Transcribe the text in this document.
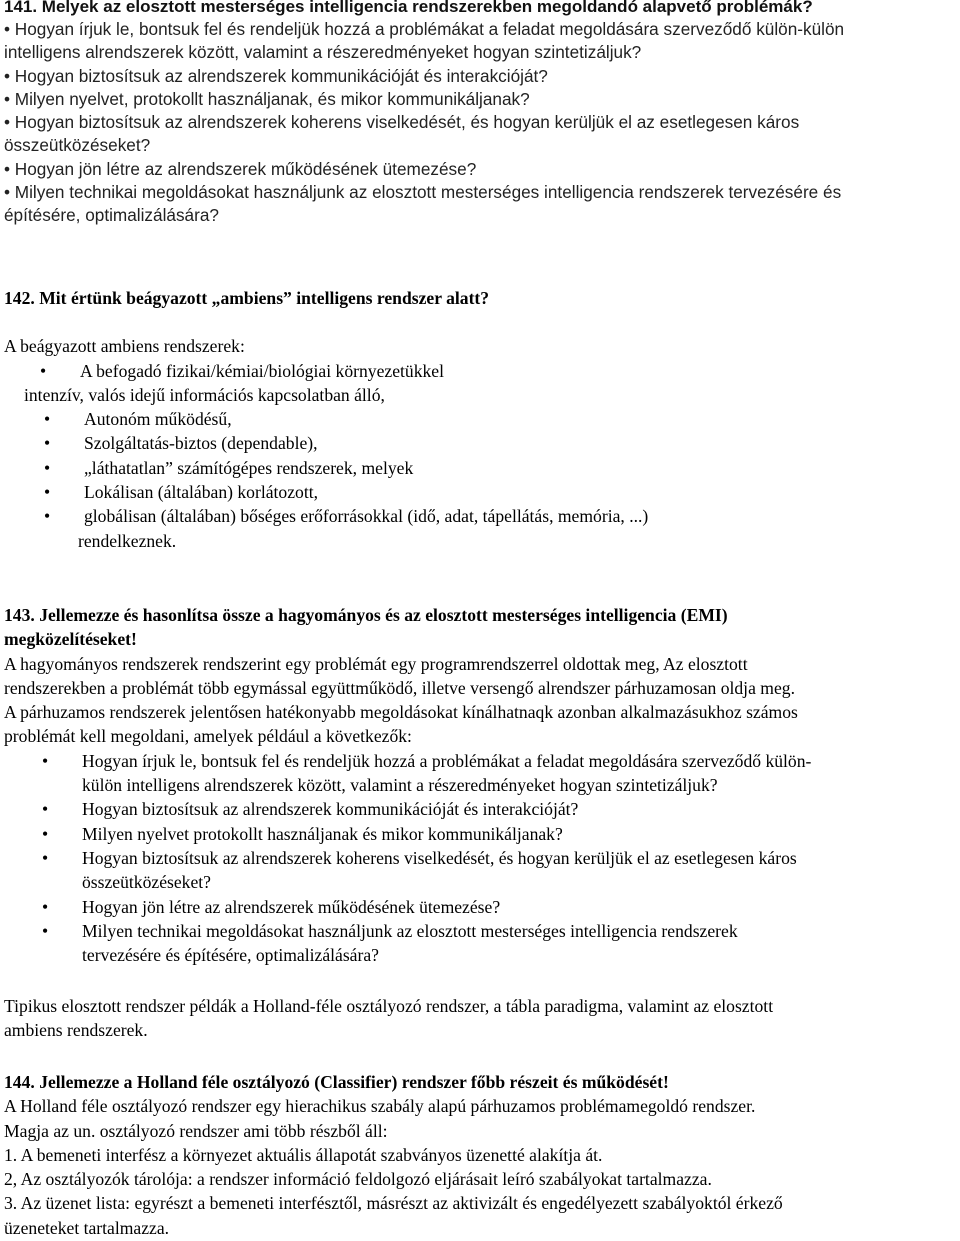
141. Melyek az elosztott mesterséges intelligencia rendszerekben megoldandó alapvető problémák?
• Hogyan írjuk le, bontsuk fel és rendeljük hozzá a problémákat a feladat megoldására szerveződő külön-külön
intelligens alrendszerek között, valamint a részeredményeket hogyan szintetizáljuk?
• Hogyan biztosítsuk az alrendszerek kommunikációját és interakcióját?
• Milyen nyelvet, protokollt használjanak, és mikor kommunikáljanak?
• Hogyan biztosítsuk az alrendszerek koherens viselkedését, és hogyan kerüljük el az esetlegesen káros
összeütközéseket?
• Hogyan jön létre az alrendszerek működésének ütemezése?
• Milyen technikai megoldásokat használjunk az elosztott mesterséges intelligencia rendszerek tervezésére és
építésére, optimalizálására?
142. Mit értünk beágyazott „ambiens” intelligens rendszer alatt?
A beágyazott ambiens rendszerek:
• A befogadó fizikai/kémiai/biológiai környezetükkel
intenzív, valós idejű információs kapcsolatban álló,
• Autonóm működésű,
• Szolgáltatás-biztos (dependable),
• „láthatatlan” számítógépes rendszerek, melyek
• Lokálisan (általában) korlátozott,
• globálisan (általában) bőséges erőforrásokkal (idő, adat, tápellátás, memória, ...)
rendelkeznek.
143. Jellemezze és hasonlítsa össze a hagyományos és az elosztott mesterséges intelligencia (EMI)
megközelítéseket!
A hagyományos rendszerek rendszerint egy problémát egy programrendszerrel oldottak meg, Az elosztott
rendszerekben a problémát több egymással együttműködő, illetve versengő alrendszer párhuzamosan oldja meg.
A párhuzamos rendszerek jelentősen hatékonyabb megoldásokat kínálhatnaqk azonban alkalmazásukhoz számos
problémát kell megoldani, amelyek például a következők:
• Hogyan írjuk le, bontsuk fel és rendeljük hozzá a problémákat a feladat megoldására szerveződő külön-
külön intelligens alrendszerek között, valamint a részeredményeket hogyan szintetizáljuk?
• Hogyan biztosítsuk az alrendszerek kommunikációját és interakcióját?
• Milyen nyelvet protokollt használjanak és mikor kommunikáljanak?
• Hogyan biztosítsuk az alrendszerek koherens viselkedését, és hogyan kerüljük el az esetlegesen káros
összeütközéseket?
• Hogyan jön létre az alrendszerek működésének ütemezése?
• Milyen technikai megoldásokat használjunk az elosztott mesterséges intelligencia rendszerek
tervezésére és építésére, optimalizálására?
Tipikus elosztott rendszer példák a Holland-féle osztályozó rendszer, a tábla paradigma, valamint az elosztott
ambiens rendszerek.
144. Jellemezze a Holland féle osztályozó (Classifier) rendszer főbb részeit és működését!
A Holland féle osztályozó rendszer egy hierachikus szabály alapú párhuzamos problémamegoldó rendszer.
Magja az un. osztályozó rendszer ami több részből áll:
1. A bemeneti interfész a környezet aktuális állapotát szabványos üzenetté alakítja át.
2, Az osztályozók tárolója: a rendszer információ feldolgozó eljárásait leíró szabályokat tartalmazza.
3. Az üzenet lista: egyrészt a bemeneti interfésztől, másrészt az aktivizált és engedélyezett szabályoktól érkező
üzeneteket tartalmazza.
